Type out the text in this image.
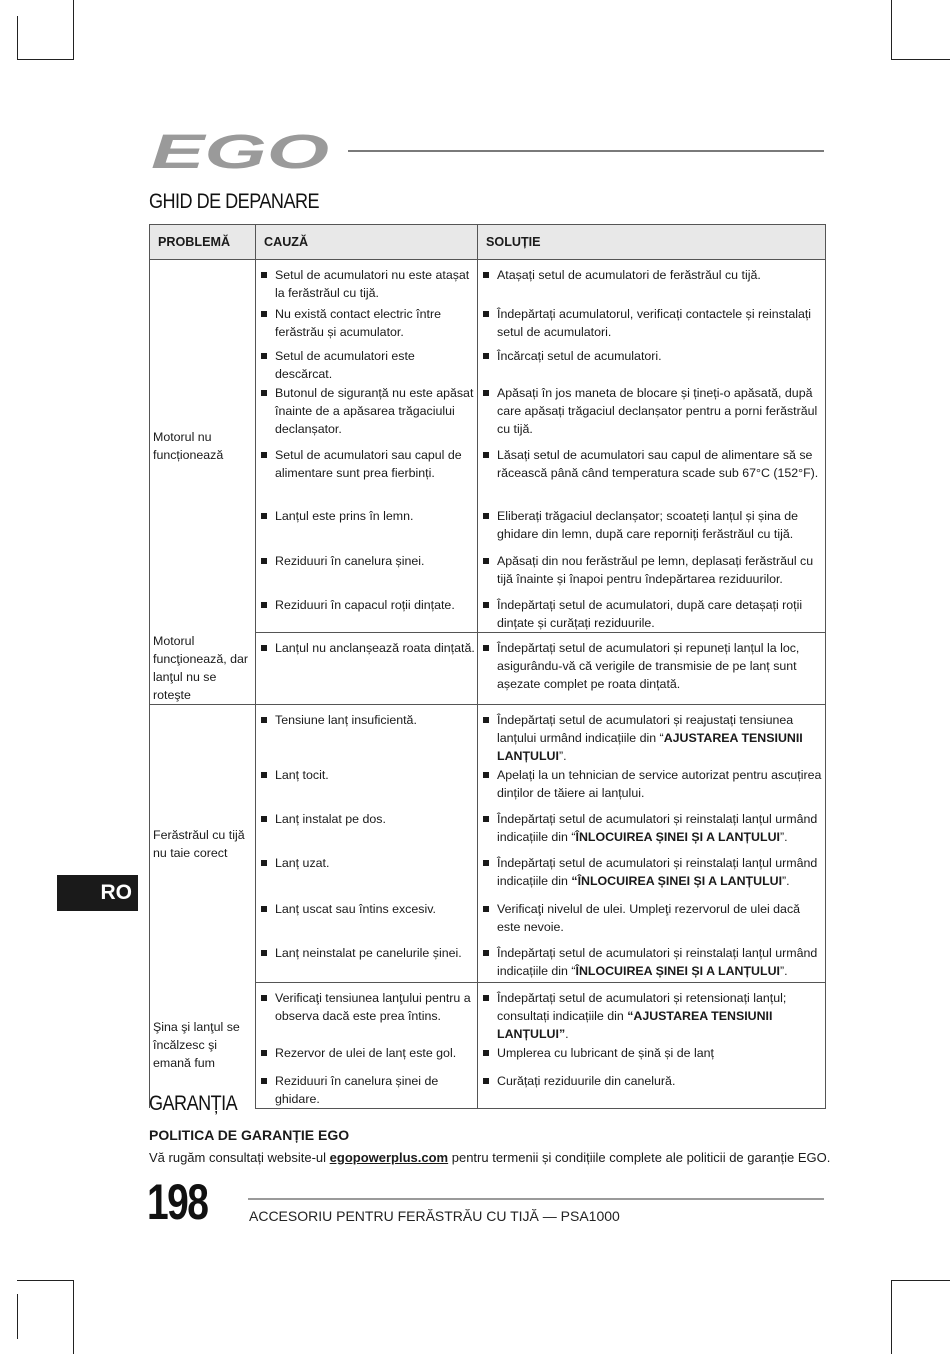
EGO
GHID DE DEPANARE
PROBLEMĂ	CAUZĂ	SOLUȚIE
Motorul nu funcționează	Setul de acumulatori nu este atașat la ferăstrăul cu tijă.	Atașați setul de acumulatori de ferăstrăul cu tijă.

	Nu există contact electric între ferăstrău și acumulator.	Îndepărtați acumulatorul, verificați contactele și reinstalați setul de acumulatori.

	Setul de acumulatori este descărcat.	Încărcați setul de acumulatori.

	Butonul de siguranță nu este apăsat înainte de a apăsarea trăgaciului declanșator.	Apăsați în jos maneta de blocare și țineți-o apăsată, după care apăsați trăgaciul declanșator pentru a porni ferăstrăul cu tijă.

	Setul de acumulatori sau capul de alimentare sunt prea fierbinți.	Lăsați setul de acumulatori sau capul de alimentare să se răcească până când temperatura scade sub 67°C (152°F).

	Lanțul este prins în lemn.	Eliberați trăgaciul declanșator; scoateți lanțul și șina de ghidare din lemn, după care reporniți ferăstrăul cu tijă.

	Reziduuri în canelura șinei.	Apăsați din nou ferăstrăul pe lemn, deplasați ferăstrăul cu tijă înainte și înapoi pentru îndepărtarea reziduurilor.

	Reziduuri în capacul roții dințate.	Îndepărtați setul de acumulatori, după care detașați roții dințate și curățați reziduurile.

Motorul funcţionează, dar lanţul nu se roteşte	Lanțul nu anclanșează roata dințată.	Îndepărtați setul de acumulatori și repuneți lanțul la loc, asigurându-vă că verigile de transmisie de pe lanț sunt așezate complet pe roata dințată.

Ferăstrăul cu tijă nu taie corect	Tensiune lanț insuficientă.	Îndepărtați setul de acumulatori și reajustați tensiunea lanțului urmând indicațiile din “AJUSTAREA TENSIUNII LANȚULUI”.

	Lanț tocit.	Apelați la un tehnician de service autorizat pentru ascuțirea dinților de tăiere ai lanțului.

	Lanț instalat pe dos.	Îndepărtați setul de acumulatori și reinstalați lanțul urmând indicațiile din “ÎNLOCUIREA ȘINEI ȘI A LANȚULUI”.

	Lanț uzat.	Îndepărtați setul de acumulatori și reinstalați lanțul urmând indicațiile din “ÎNLOCUIREA ȘINEI ȘI A LANȚULUI”.

	Lanț uscat sau întins excesiv.	Verificaţi nivelul de ulei. Umpleţi rezervorul de ulei dacă este nevoie.

	Lanț neinstalat pe canelurile șinei.	Îndepărtați setul de acumulatori și reinstalați lanțul urmând indicațiile din “ÎNLOCUIREA ȘINEI ȘI A LANȚULUI”.

Şina şi lanţul se încălzesc şi emană fum	Verificaţi tensiunea lanţului pentru a observa dacă este prea întins.	Îndepărtați setul de acumulatori și retensionați lanțul; consultați indicațiile din “AJUSTAREA TENSIUNII LANȚULUI”.

	Rezervor de ulei de lanț este gol.	Umplerea cu lubricant de șină și de lanț

	Reziduuri în canelura șinei de ghidare.	Curățați reziduurile din canelură.
RO
GARANȚIA

POLITICA DE GARANȚIE EGO

Vă rugăm consultați website-ul egopowerplus.com pentru termenii și condițiile complete ale politicii de garanție EGO.

198	ACCESORIU PENTRU FERĂSTRĂU CU TIJĂ — PSA1000
